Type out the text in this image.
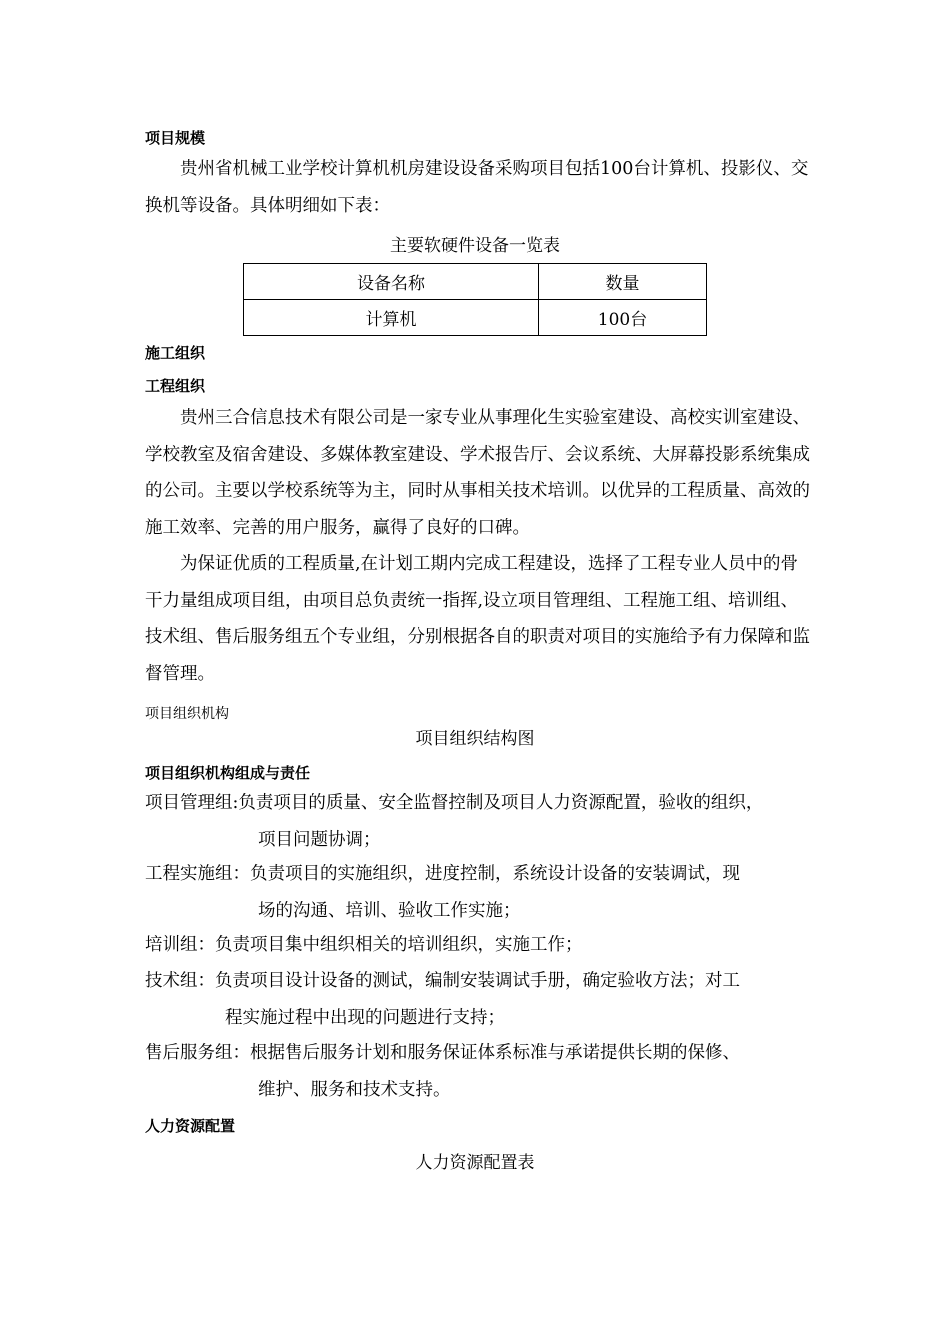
项目规模

贵州省机械工业学校计算机机房建设设备采购项目包括100台计算机、投影仪、交换机等设备。具体明细如下表：

主要软硬件设备一览表
设备名称	数量
计算机	100台
施工组织
工程组织

贵州三合信息技术有限公司是一家专业从事理化生实验室建设、高校实训室建设、学校教室及宿舍建设、多媒体教室建设、学术报告厅、会议系统、大屏幕投影系统集成的公司。主要以学校系统等为主，同时从事相关技术培训。以优异的工程质量、高效的施工效率、完善的用户服务，赢得了良好的口碑。

为保证优质的工程质量,在计划工期内完成工程建设，选择了工程专业人员中的骨干力量组成项目组，由项目总负责统一指挥,设立项目管理组、工程施工组、培训组、技术组、售后服务组五个专业组，分别根据各自的职责对项目的实施给予有力保障和监督管理。

项目组织机构
项目组织结构图
项目组织机构组成与责任
项目管理组:负责项目的质量、安全监督控制及项目人力资源配置，验收的组织，
项目问题协调；
工程实施组：负责项目的实施组织，进度控制，系统设计设备的安装调试，现
场的沟通、培训、验收工作实施；
培训组：负责项目集中组织相关的培训组织，实施工作；
技术组：负责项目设计设备的测试，编制安装调试手册，确定验收方法；对工
程实施过程中出现的问题进行支持；
售后服务组：根据售后服务计划和服务保证体系标准与承诺提供长期的保修、
维护、服务和技术支持。
人力资源配置
人力资源配置表
